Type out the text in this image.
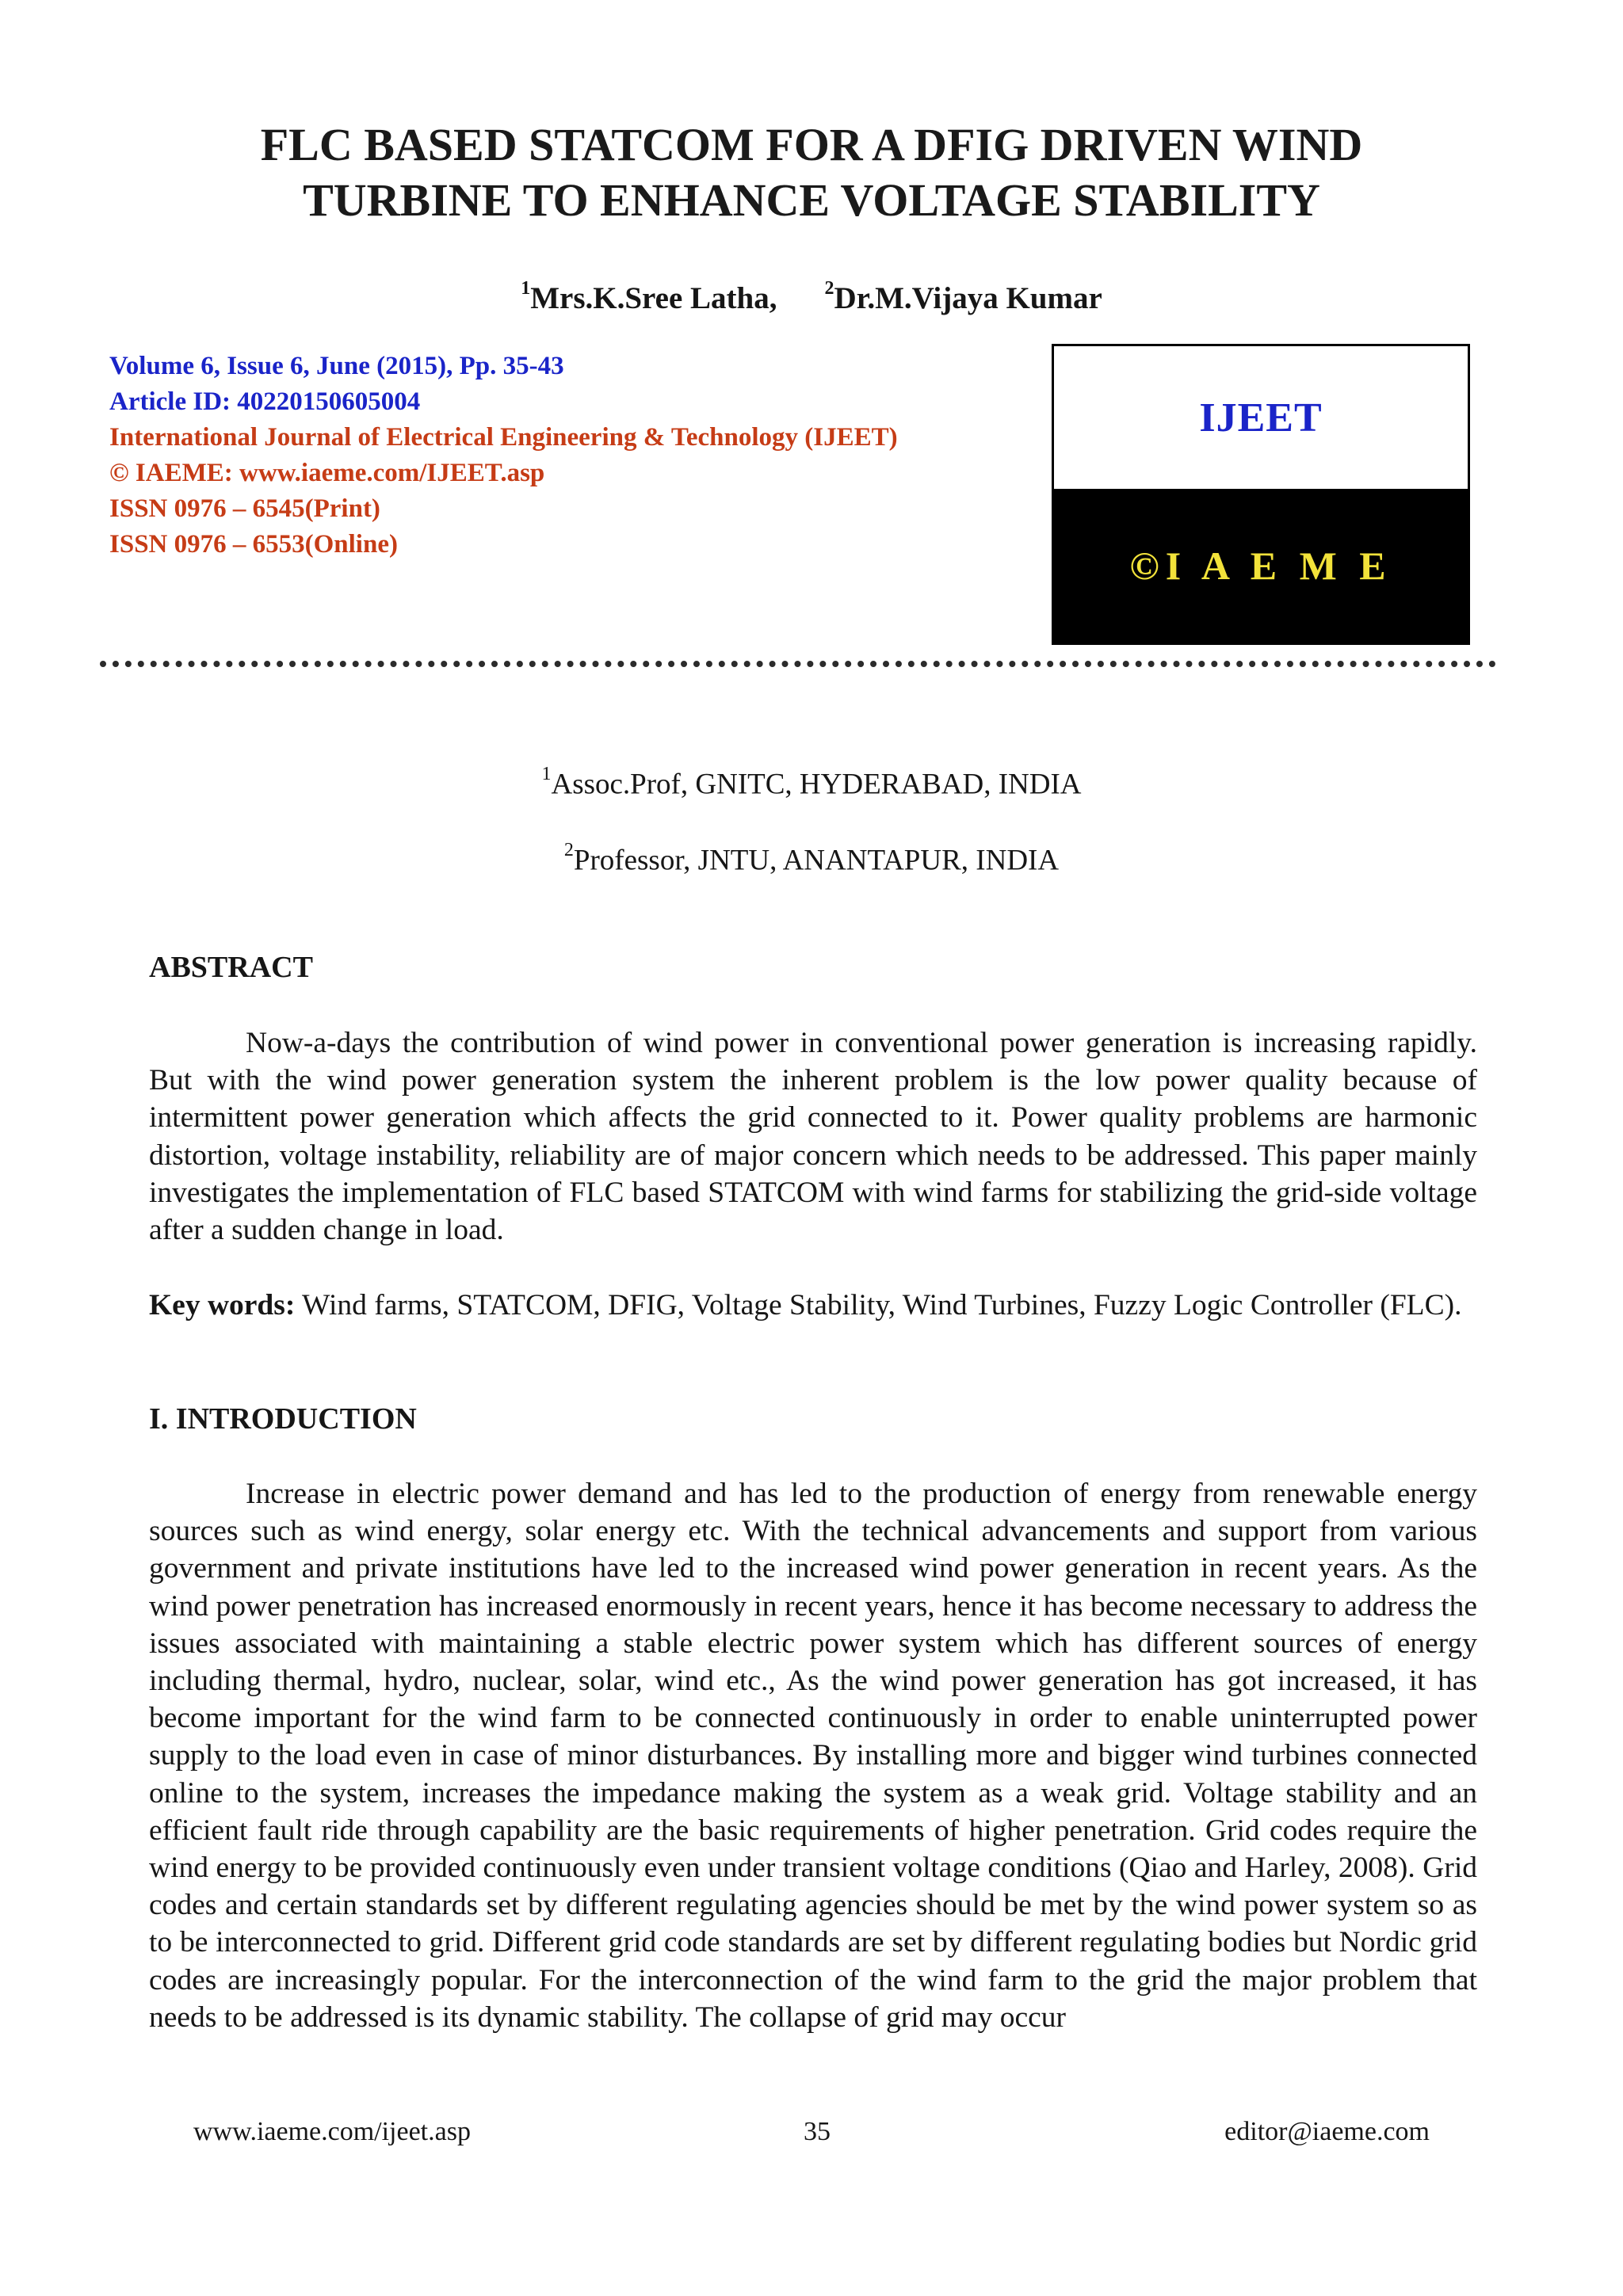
FLC BASED STATCOM FOR A DFIG DRIVEN WIND
TURBINE TO ENHANCE VOLTAGE STABILITY

$^1$Mrs.K.Sree Latha,	$^2$Dr.M.Vijaya Kumar

Volume 6, Issue 6, June (2015), Pp. 35-43
Article ID: 40220150605004
International Journal of Electrical Engineering & Technology (IJEET)
© IAEME: www.iaeme.com/IJEET.asp
ISSN 0976 – 6545(Print)
ISSN 0976 – 6553(Online)
IJEET
©I A E M E

$^1$Assoc.Prof, GNITC, HYDERABAD, INDIA

$^2$Professor, JNTU, ANANTAPUR, INDIA

ABSTRACT

Now-a-days the contribution of wind power in conventional power generation is increasing rapidly. But with the wind power generation system the inherent problem is the low power quality because of intermittent power generation which affects the grid connected to it. Power quality problems are harmonic distortion, voltage instability, reliability are of major concern which needs to be addressed. This paper mainly investigates the implementation of FLC based STATCOM with wind farms for stabilizing the grid-side voltage after a sudden change in load.

Key words: Wind farms, STATCOM, DFIG, Voltage Stability, Wind Turbines, Fuzzy Logic Controller (FLC).

I. INTRODUCTION

Increase in electric power demand and has led to the production of energy from renewable energy sources such as wind energy, solar energy etc. With the technical advancements and support from various government and private institutions have led to the increased wind power generation in recent years. As the wind power penetration has increased enormously in recent years, hence it has become necessary to address the issues associated with maintaining a stable electric power system which has different sources of energy including thermal, hydro, nuclear, solar, wind etc., As the wind power generation has got increased, it has become important for the wind farm to be connected continuously in order to enable uninterrupted power supply to the load even in case of minor disturbances. By installing more and bigger wind turbines connected online to the system, increases the impedance making the system as a weak grid. Voltage stability and an efficient fault ride through capability are the basic requirements of higher penetration. Grid codes require the wind energy to be provided continuously even under transient voltage conditions (Qiao and Harley, 2008). Grid codes and certain standards set by different regulating agencies should be met by the wind power system so as to be interconnected to grid. Different grid code standards are set by different regulating bodies but Nordic grid codes are increasingly popular. For the interconnection of the wind farm to the grid the major problem that needs to be addressed is its dynamic stability. The collapse of grid may occur

www.iaeme.com/ijeet.asp	35	editor@iaeme.com
